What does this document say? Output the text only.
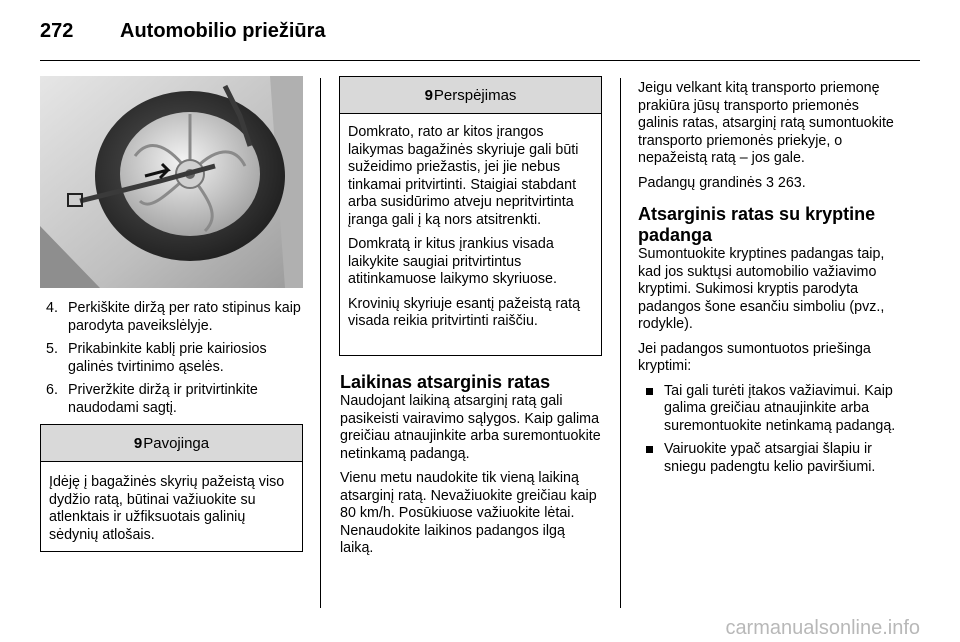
272 Automobilio priežiūra
4. Perkiškite diržą per rato stipinus kaip parodyta paveikslėlyje.
5. Prikabinkite kablį prie kairiosios galinės tvirtinimo ąselės.
6. Priveržkite diržą ir pritvirtinkite naudodami sagtį.
9 Pavojinga

Įdėję į bagažinės skyrių pažeistą viso dydžio ratą, būtinai važiuokite su atlenktais ir užfiksuotais galinių sėdynių atlošais.

9 Perspėjimas

Domkrato, rato ar kitos įrangos laikymas bagažinės skyriuje gali būti sužeidimo priežastis, jei jie nebus tinkamai pritvirtinti. Staigiai stabdant arba susidūrimo atveju nepritvirtinta įranga gali į ką nors atsitrenkti.

Domkratą ir kitus įrankius visada laikykite saugiai pritvirtintus atitinkamuose laikymo skyriuose.

Krovinių skyriuje esantį pažeistą ratą visada reikia pritvirtinti raiščiu.

Laikinas atsarginis ratas

Naudojant laikiną atsarginį ratą gali pasikeisti vairavimo sąlygos. Kaip galima greičiau atnaujinkite arba suremontuokite netinkamą padangą.

Vienu metu naudokite tik vieną laikiną atsarginį ratą. Nevažiuokite greičiau kaip 80 km/h. Posūkiuose važiuokite lėtai. Nenaudokite laikinos padangos ilgą laiką.

Jeigu velkant kitą transporto priemonę prakiūra jūsų transporto priemonės galinis ratas, atsarginį ratą sumontuokite transporto priemonės priekyje, o nepažeistą ratą – jos gale.

Padangų grandinės 3 263.

Atsarginis ratas su kryptine padanga

Sumontuokite kryptines padangas taip, kad jos suktųsi automobilio važiavimo kryptimi. Sukimosi kryptis parodyta padangos šone esančiu simboliu (pvz., rodykle).

Jei padangos sumontuotos priešinga kryptimi:

Tai gali turėti įtakos važiavimui. Kaip galima greičiau atnaujinkite arba suremontuokite netinkamą padangą.
Vairuokite ypač atsargiai šlapiu ir sniegu padengtu kelio paviršiumi.
carmanualsonline.info
